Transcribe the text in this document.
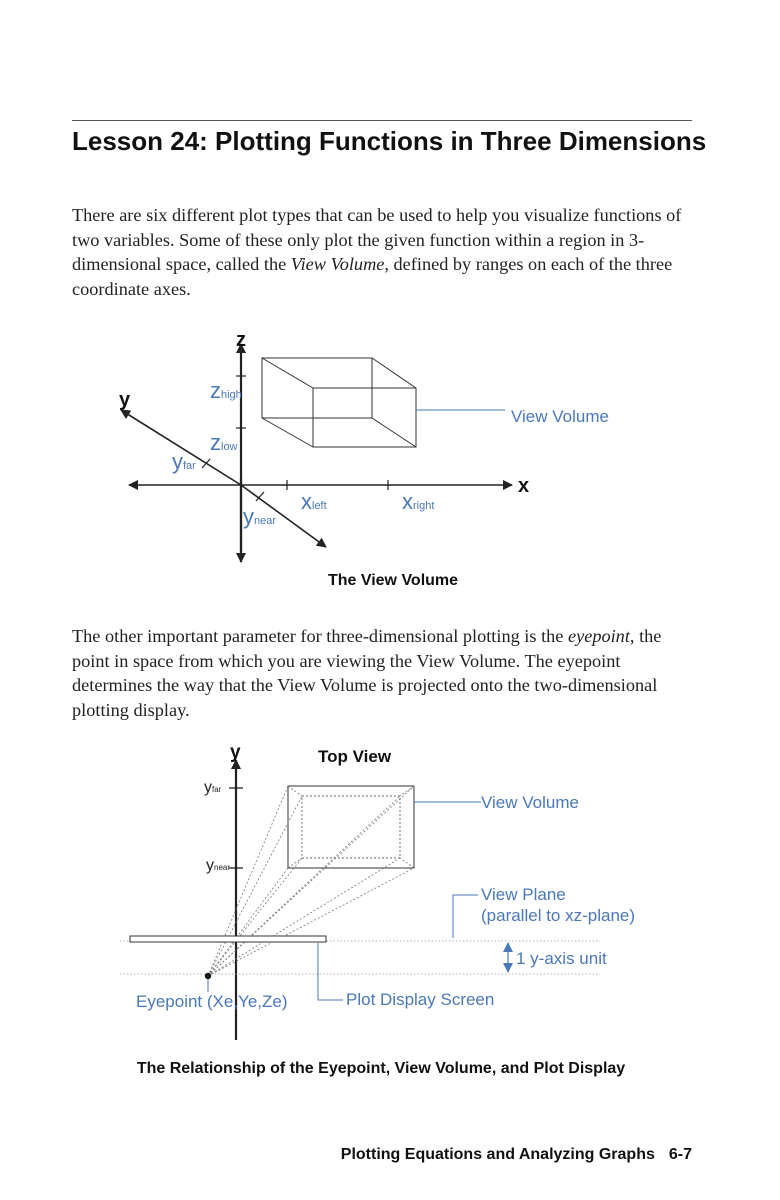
Lesson 24: Plotting Functions in Three Dimensions

There are six different plot types that can be used to help you visualize functions of two variables. Some of these only plot the given function within a region in 3-dimensional space, called the View Volume, defined by ranges on each of the three coordinate axes.

z
y
x
zhigh
zlow
yfar
ynear
xleft	xright
View Volume

The View Volume

The other important parameter for three-dimensional plotting is the eyepoint, the point in space from which you are viewing the View Volume. The eyepoint determines the way that the View Volume is projected onto the two-dimensional plotting display.

y	Top View
yfar
ynear
View Volume
View Plane
(parallel to xz-plane)
1 y-axis unit
Eyepoint (Xe,Ye,Ze)	Plot Display Screen

The Relationship of the Eyepoint, View Volume, and Plot Display

Plotting Equations and Analyzing Graphs 6-7
